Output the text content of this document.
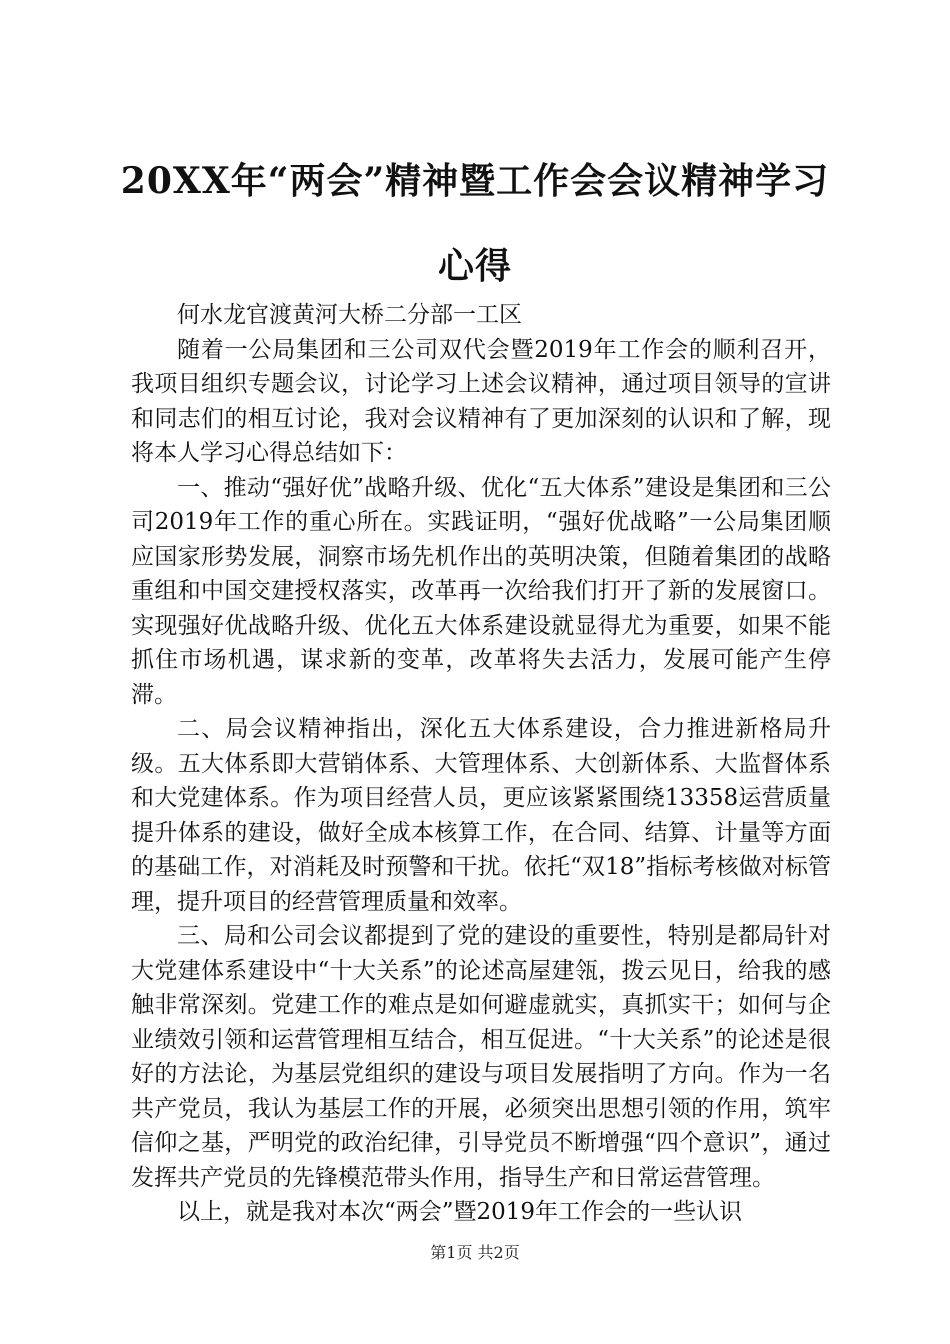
20XX年“两会”精神暨工作会会议精神学习
心得

何水龙官渡黄河大桥二分部一工区

随着一公局集团和三公司双代会暨2019年工作会的顺利召开，我项目组织专题会议，讨论学习上述会议精神，通过项目领导的宣讲和同志们的相互讨论，我对会议精神有了更加深刻的认识和了解，现将本人学习心得总结如下：

一、推动“强好优”战略升级、优化“五大体系”建设是集团和三公司2019年工作的重心所在。实践证明，“强好优战略”一公局集团顺应国家形势发展，洞察市场先机作出的英明决策，但随着集团的战略重组和中国交建授权落实，改革再一次给我们打开了新的发展窗口。实现强好优战略升级、优化五大体系建设就显得尤为重要，如果不能抓住市场机遇，谋求新的变革，改革将失去活力，发展可能产生停滞。

二、局会议精神指出，深化五大体系建设，合力推进新格局升级。五大体系即大营销体系、大管理体系、大创新体系、大监督体系和大党建体系。作为项目经营人员，更应该紧紧围绕13358运营质量提升体系的建设，做好全成本核算工作，在合同、结算、计量等方面的基础工作，对消耗及时预警和干扰。依托“双18”指标考核做对标管理，提升项目的经营管理质量和效率。

三、局和公司会议都提到了党的建设的重要性，特别是都局针对大党建体系建设中“十大关系”的论述高屋建瓴，拨云见日，给我的感触非常深刻。党建工作的难点是如何避虚就实，真抓实干；如何与企业绩效引领和运营管理相互结合，相互促进。“十大关系”的论述是很好的方法论，为基层党组织的建设与项目发展指明了方向。作为一名共产党员，我认为基层工作的开展，必须突出思想引领的作用，筑牢信仰之基，严明党的政治纪律，引导党员不断增强“四个意识”，通过发挥共产党员的先锋模范带头作用，指导生产和日常运营管理。

以上，就是我对本次“两会”暨2019年工作会的一些认识

第1页 共2页
